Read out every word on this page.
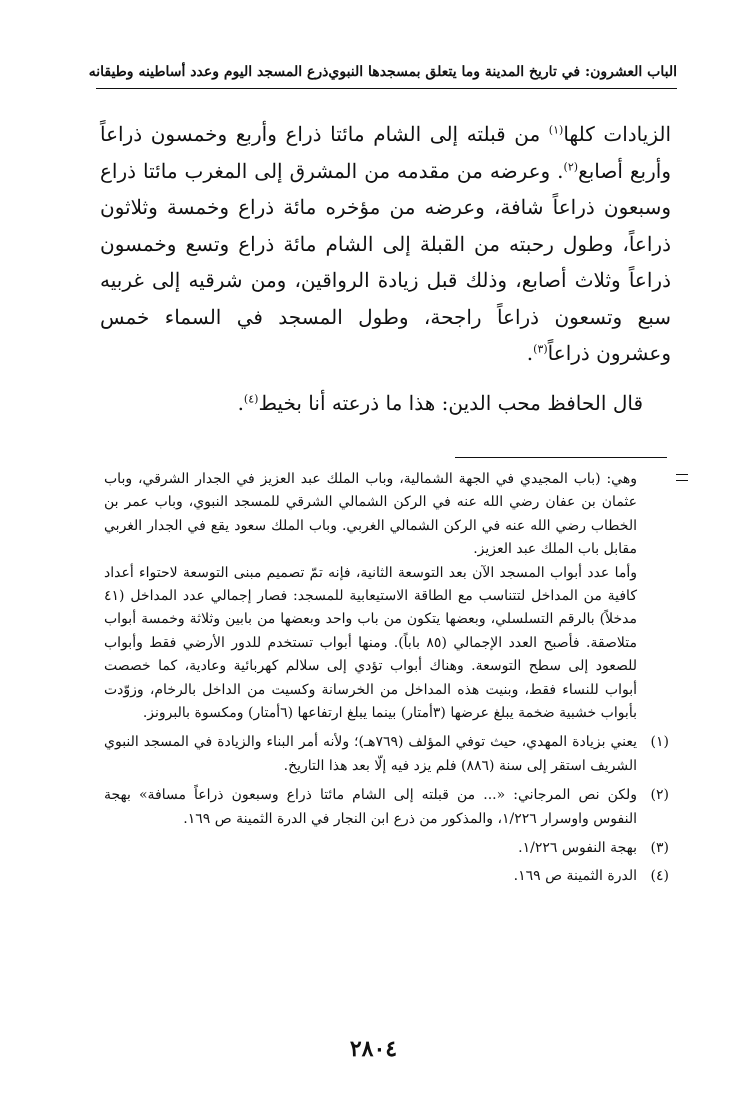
الباب العشرون: في تاريخ المدينة وما يتعلق بمسجدها النبوي
ذرع المسجد اليوم وعدد أساطينه وطيقانه

الزيادات كلها$^{(١)}$ من قبلته إلى الشام مائتا ذراع وأربع وخمسون ذراعاً وأربع أصابع$^{(٢)}$. وعرضه من مقدمه من المشرق إلى المغرب مائتا ذراع وسبعون ذراعاً شافة، وعرضه من مؤخره مائة ذراع وخمسة وثلاثون ذراعاً، وطول رحبته من القبلة إلى الشام مائة ذراع وتسع وخمسون ذراعاً وثلاث أصابع، وذلك قبل زيادة الرواقين، ومن شرقيه إلى غربيه سبع وتسعون ذراعاً راجحة، وطول المسجد في السماء خمس وعشرون ذراعاً$^{(٣)}$.

قال الحافظ محب الدين: هذا ما ذرعته أنا بخيط$^{(٤)}$.

وهي: (باب المجيدي في الجهة الشمالية، وباب الملك عبد العزيز في الجدار الشرقي، وباب عثمان بن عفان رضي الله عنه في الركن الشمالي الشرقي للمسجد النبوي، وباب عمر بن الخطاب رضي الله عنه في الركن الشمالي الغربي. وباب الملك سعود يقع في الجدار الغربي مقابل باب الملك عبد العزيز.

وأما عدد أبواب المسجد الآن بعد التوسعة الثانية، فإنه تمّ تصميم مبنى التوسعة لاحتواء أعداد كافية من المداخل لتتناسب مع الطاقة الاستيعابية للمسجد: فصار إجمالي عدد المداخل (٤١ مدخلاً) بالرقم التسلسلي، وبعضها يتكون من باب واحد وبعضها من بابين وثلاثة وخمسة أبواب متلاصقة. فأصبح العدد الإجمالي (٨٥ باباً). ومنها أبواب تستخدم للدور الأرضي فقط وأبواب للصعود إلى سطح التوسعة. وهناك أبواب تؤدي إلى سلالم كهربائية وعادية، كما خصصت أبواب للنساء فقط، وبنيت هذه المداخل من الخرسانة وكسيت من الداخل بالرخام، وزوّدت بأبواب خشبية ضخمة يبلغ عرضها (٣أمتار) بينما يبلغ ارتفاعها (٦أمتار) ومكسوة بالبرونز.

(١)
يعني بزيادة المهدي، حيث توفي المؤلف (٧٦٩هـ)؛ ولأنه أمر البناء والزيادة في المسجد النبوي الشريف استقر إلى سنة (٨٨٦) فلم يزد فيه إلّا بعد هذا التاريخ.
(٢)
ولكن نص المرجاني: «... من قبلته إلى الشام مائتا ذراع وسبعون ذراعاً مسافة» بهجة النفوس واوسرار ١/٢٢٦، والمذكور من ذرع ابن النجار في الدرة الثمينة ص ١٦٩.
(٣)
بهجة النفوس ١/٢٢٦.
(٤)
الدرة الثمينة ص ١٦٩.
٢٨٠٤
